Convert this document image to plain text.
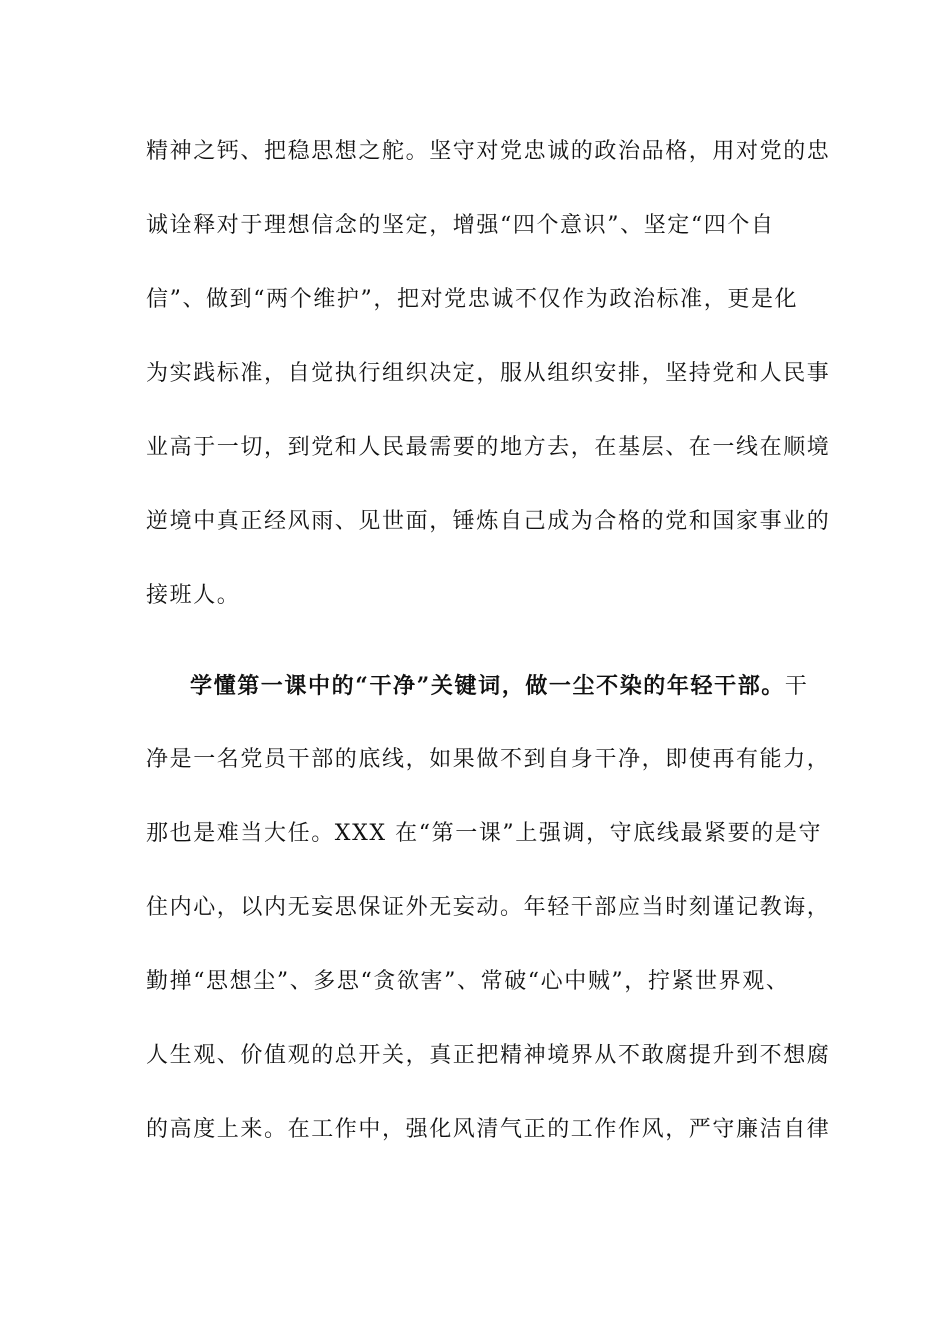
精神之钙、把稳思想之舵。坚守对党忠诚的政治品格，用对党的忠
诚诠释对于理想信念的坚定，增强“四个意识”、坚定“四个自
信”、做到“两个维护”，把对党忠诚不仅作为政治标准，更是化
为实践标准，自觉执行组织决定，服从组织安排，坚持党和人民事
业高于一切，到党和人民最需要的地方去，在基层、在一线在顺境
逆境中真正经风雨、见世面，锤炼自己成为合格的党和国家事业的
接班人。
学懂第一课中的“干净”关键词，做一尘不染的年轻干部。干
净是一名党员干部的底线，如果做不到自身干净，即使再有能力，
那也是难当大任。XXX 在“第一课”上强调，守底线最紧要的是守
住内心，以内无妄思保证外无妄动。年轻干部应当时刻谨记教诲，
勤掸“思想尘”、多思“贪欲害”、常破“心中贼”，拧紧世界观、
人生观、价值观的总开关，真正把精神境界从不敢腐提升到不想腐
的高度上来。在工作中，强化风清气正的工作作风，严守廉洁自律
